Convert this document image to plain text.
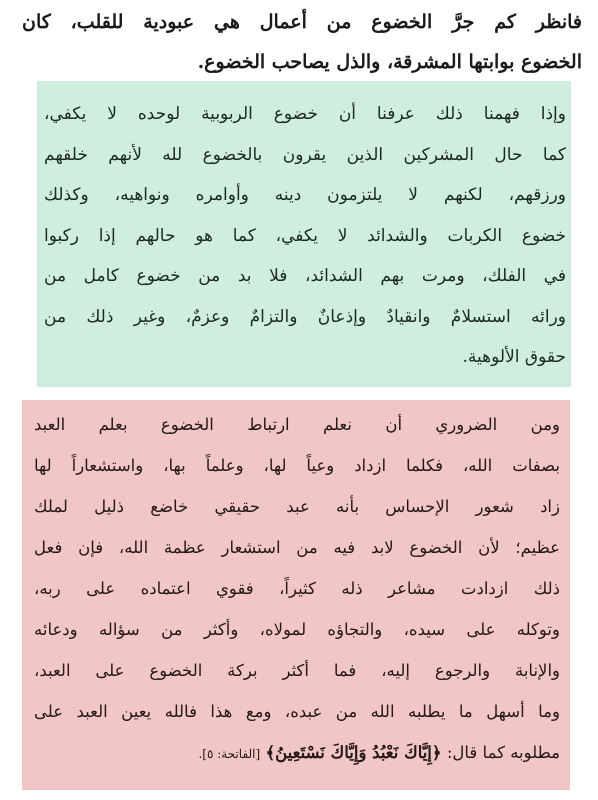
فانظر كم جرَّ الخضوع من أعمال هي عبودية للقلب، كان
الخضوع بوابتها المشرقة، والذل يصاحب الخضوع.
وإذا فهمنا ذلك عرفنا أن خضوع الربوبية لوحده لا يكفي،
كما حال المشركين الذين يقرون بالخضوع لله لأنهم خلقهم
ورزقهم، لكنهم لا يلتزمون دينه وأوامره ونواهيه، وكذلك
خضوع الكربات والشدائد لا يكفي، كما هو حالهم إذا ركبوا
في الفلك، ومرت بهم الشدائد، فلا بد من خضوع كامل من
ورائه استسلامٌ وانقيادٌ وإذعانٌ والتزامٌ وعزمٌ، وغير ذلك من
حقوق الألوهية.
ومن الضروري أن نعلم ارتباط الخضوع بعلم العبد
بصفات الله، فكلما ازداد وعياً لها، وعلماً بها، واستشعاراً لها
زاد شعور الإحساس بأنه عبد حقيقي خاضع ذليل لملك
عظيم؛ لأن الخضوع لابد فيه من استشعار عظمة الله، فإن فعل
ذلك ازدادت مشاعر ذله كثيراً، فقوي اعتماده على ربه،
وتوكله على سيده، والتجاؤه لمولاه، وأكثر من سؤاله ودعائه
والإنابة والرجوع إليه، فما أكثر بركة الخضوع على العبد،
وما أسهل ما يطلبه الله من عبده، ومع هذا فالله يعين العبد على
مطلوبه كما قال: ﴿إِيَّاكَ نَعْبُدُ وَإِيَّاكَ نَسْتَعِينُ﴾ [الفاتحة: ٥].
